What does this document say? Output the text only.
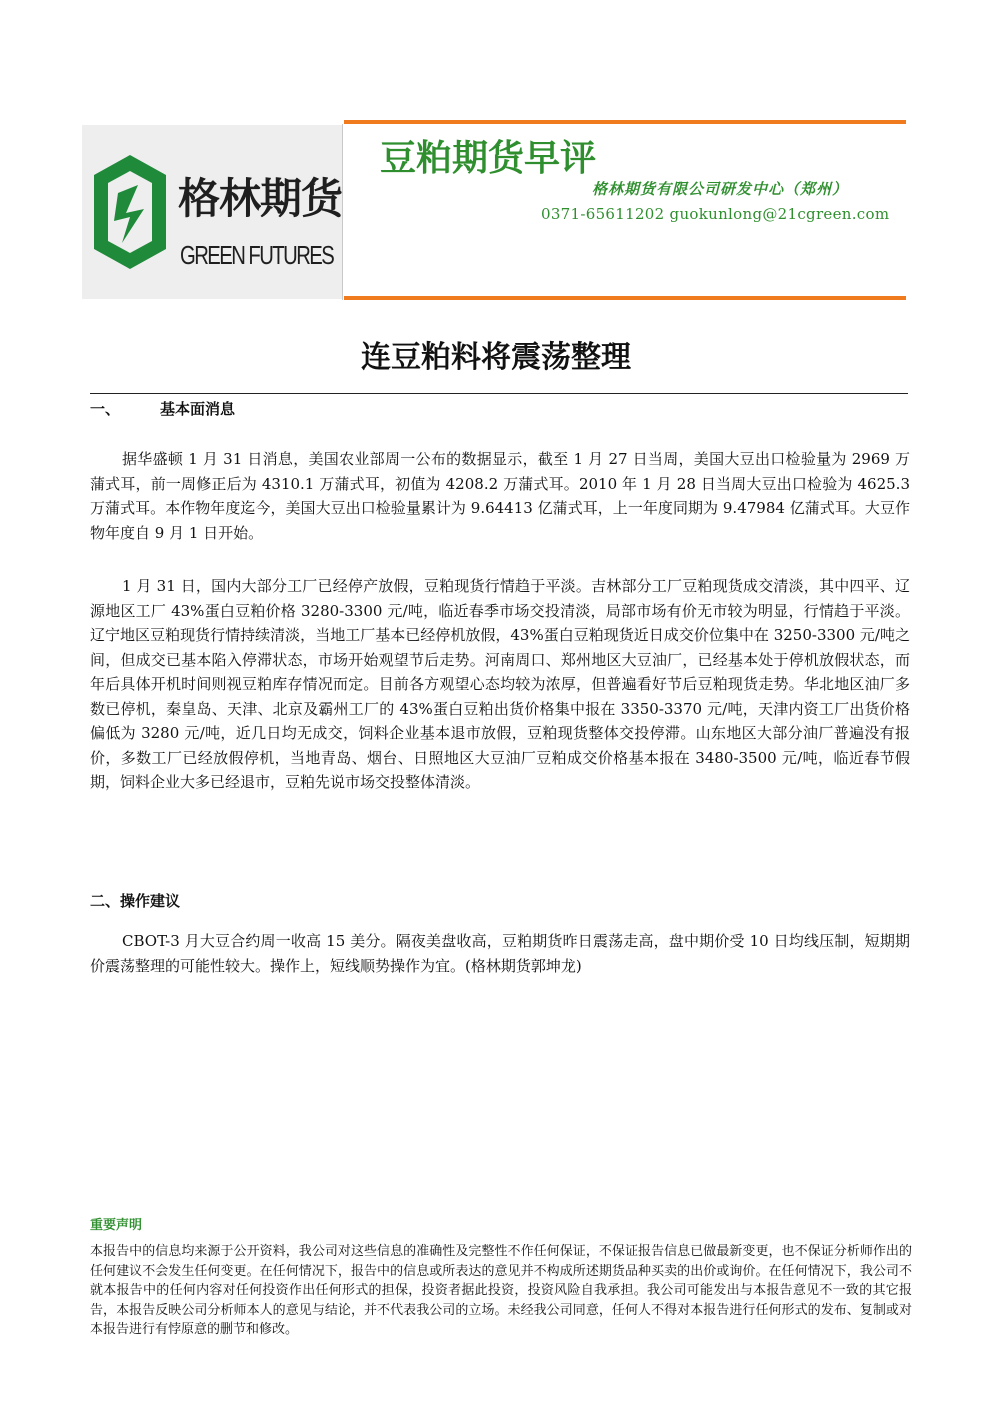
格林期货
GREEN FUTURES
豆粕期货早评
格林期货有限公司研发中心（郑州）
0371-65611202 guokunlong@21cgreen.com
连豆粕料将震荡整理
一、	基本面消息

据华盛顿 1 月 31 日消息，美国农业部周一公布的数据显示，截至 1 月 27 日当周，美国大豆出口检验量为 2969 万蒲式耳，前一周修正后为 4310.1 万蒲式耳，初值为 4208.2 万蒲式耳。2010 年 1 月 28 日当周大豆出口检验为 4625.3 万蒲式耳。本作物年度迄今，美国大豆出口检验量累计为 9.64413 亿蒲式耳，上一年度同期为 9.47984 亿蒲式耳。大豆作物年度自 9 月 1 日开始。

1 月 31 日，国内大部分工厂已经停产放假，豆粕现货行情趋于平淡。吉林部分工厂豆粕现货成交清淡，其中四平、辽源地区工厂 43%蛋白豆粕价格 3280-3300 元/吨，临近春季市场交投清淡，局部市场有价无市较为明显，行情趋于平淡。辽宁地区豆粕现货行情持续清淡，当地工厂基本已经停机放假，43%蛋白豆粕现货近日成交价位集中在 3250-3300 元/吨之间，但成交已基本陷入停滞状态，市场开始观望节后走势。河南周口、郑州地区大豆油厂，已经基本处于停机放假状态，而年后具体开机时间则视豆粕库存情况而定。目前各方观望心态均较为浓厚，但普遍看好节后豆粕现货走势。华北地区油厂多数已停机，秦皇岛、天津、北京及霸州工厂的 43%蛋白豆粕出货价格集中报在 3350-3370 元/吨，天津内资工厂出货价格偏低为 3280 元/吨，近几日均无成交，饲料企业基本退市放假，豆粕现货整体交投停滞。山东地区大部分油厂普遍没有报价，多数工厂已经放假停机，当地青岛、烟台、日照地区大豆油厂豆粕成交价格基本报在 3480-3500 元/吨，临近春节假期，饲料企业大多已经退市，豆粕先说市场交投整体清淡。

二、操作建议

CBOT-3 月大豆合约周一收高 15 美分。隔夜美盘收高，豆粕期货昨日震荡走高，盘中期价受 10 日均线压制，短期期价震荡整理的可能性较大。操作上，短线顺势操作为宜。(格林期货郭坤龙)

重要声明

本报告中的信息均来源于公开资料，我公司对这些信息的准确性及完整性不作任何保证，不保证报告信息已做最新变更，也不保证分析师作出的任何建议不会发生任何变更。在任何情况下，报告中的信息或所表达的意见并不构成所述期货品种买卖的出价或询价。在任何情况下，我公司不就本报告中的任何内容对任何投资作出任何形式的担保，投资者据此投资，投资风险自我承担。我公司可能发出与本报告意见不一致的其它报告，本报告反映公司分析师本人的意见与结论，并不代表我公司的立场。未经我公司同意，任何人不得对本报告进行任何形式的发布、复制或对本报告进行有悖原意的删节和修改。
